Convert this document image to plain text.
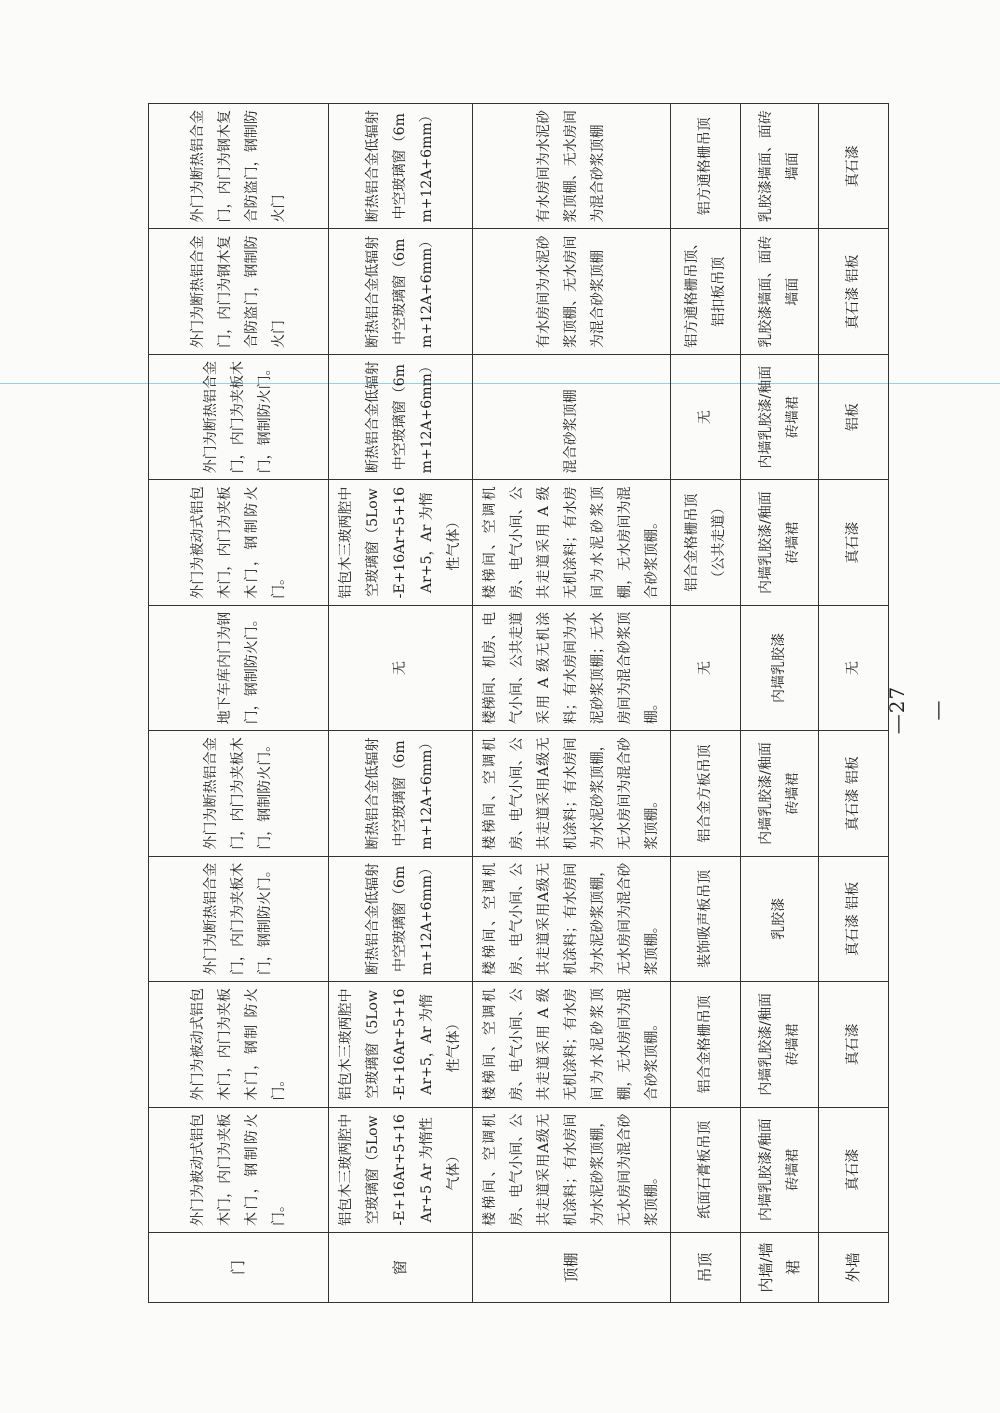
门	外门为被动式铝包木门，内门为夹板木门，钢制防火门。	外门为被动式铝包木门，内门为夹板木门，钢制 防火门。	外门为断热铝合金门，内门为夹板木门，钢制防火门。	外门为断热铝合金门，内门为夹板木门，钢制防火门。	地下车库内门为钢门，钢制防火门。	外门为被动式铝包木门，内门为夹板木门，钢制防火门。	外门为断热铝合金门，内门为夹板木门，钢制防火门。	外门为断热铝合金门，内门为钢木复合防盗门，钢制防火门	外门为断热铝合金门，内门为钢木复合防盗门，钢制防火门
窗	铝包木三玻两腔中空玻璃窗（5Low-E+16Ar+5+16Ar+5 Ar 为惰性气体）	铝包木三玻两腔中空玻璃窗（5Low-E+16Ar+5+16Ar+5，Ar 为惰性气体）	断热铝合金低辐射中空玻璃窗（6mm+12A+6mm）	断热铝合金低辐射中空玻璃窗（6mm+12A+6mm）	无	铝包木三玻两腔中空玻璃窗（5Low-E+16Ar+5+16Ar+5，Ar 为惰性气体）	断热铝合金低辐射中空玻璃窗（6mm+12A+6mm）	断热铝合金低辐射中空玻璃窗（6mm+12A+6mm）	断热铝合金低辐射中空玻璃窗（6mm+12A+6mm）
顶棚	楼梯间、空调机房、电气小间、公共走道采用A级无机涂料；有水房间为水泥砂浆顶棚，无水房间为混合砂浆顶棚。	楼梯间、空调机房、电气小间、公共走道采用 A 级无机涂料；有水房间为水泥砂浆顶棚，无水房间为混合砂浆顶棚。	楼梯间、空调机房、电气小间、公共走道采用A级无机涂料；有水房间为水泥砂浆顶棚，无水房间为混合砂浆顶棚。	楼梯间、空调机房、电气小间、公共走道采用A级无机涂料；有水房间为水泥砂浆顶棚，无水房间为混合砂浆顶棚。	楼梯间、机房、电气小间、公共走道采用 A 级无机涂料；有水房间为水泥砂浆顶棚；无水房间为混合砂浆顶棚。	楼梯间、空调机房、电气小间、公共走道采用 A 级无机涂料；有水房间为水泥砂浆顶棚，无水房间为混合砂浆顶棚。	混合砂浆顶棚	有水房间为水泥砂浆顶棚、无水房间为混合砂浆顶棚	有水房间为水泥砂浆顶棚、无水房间为混合砂浆顶棚
吊顶	纸面石膏板吊顶	铝合金格栅吊顶	装饰吸声板吊顶	铝合金方板吊顶	无	铝合金格栅吊顶（公共走道）	无	铝方通格栅吊顶、铝扣板吊顶	铝方通格栅吊顶
内墙/墙裙	内墙乳胶漆/釉面砖墙裙	内墙乳胶漆/釉面砖墙裙	乳胶漆	内墙乳胶漆/釉面砖墙裙	内墙乳胶漆	内墙乳胶漆/釉面砖墙裙	内墙乳胶漆/釉面砖墙裙	乳胶漆墙面、面砖墙面	乳胶漆墙面、面砖墙面
外墙	真石漆	真石漆	真石漆 铝板	真石漆 铝板	无	真石漆	铝板	真石漆 铝板	真石漆
—27—
